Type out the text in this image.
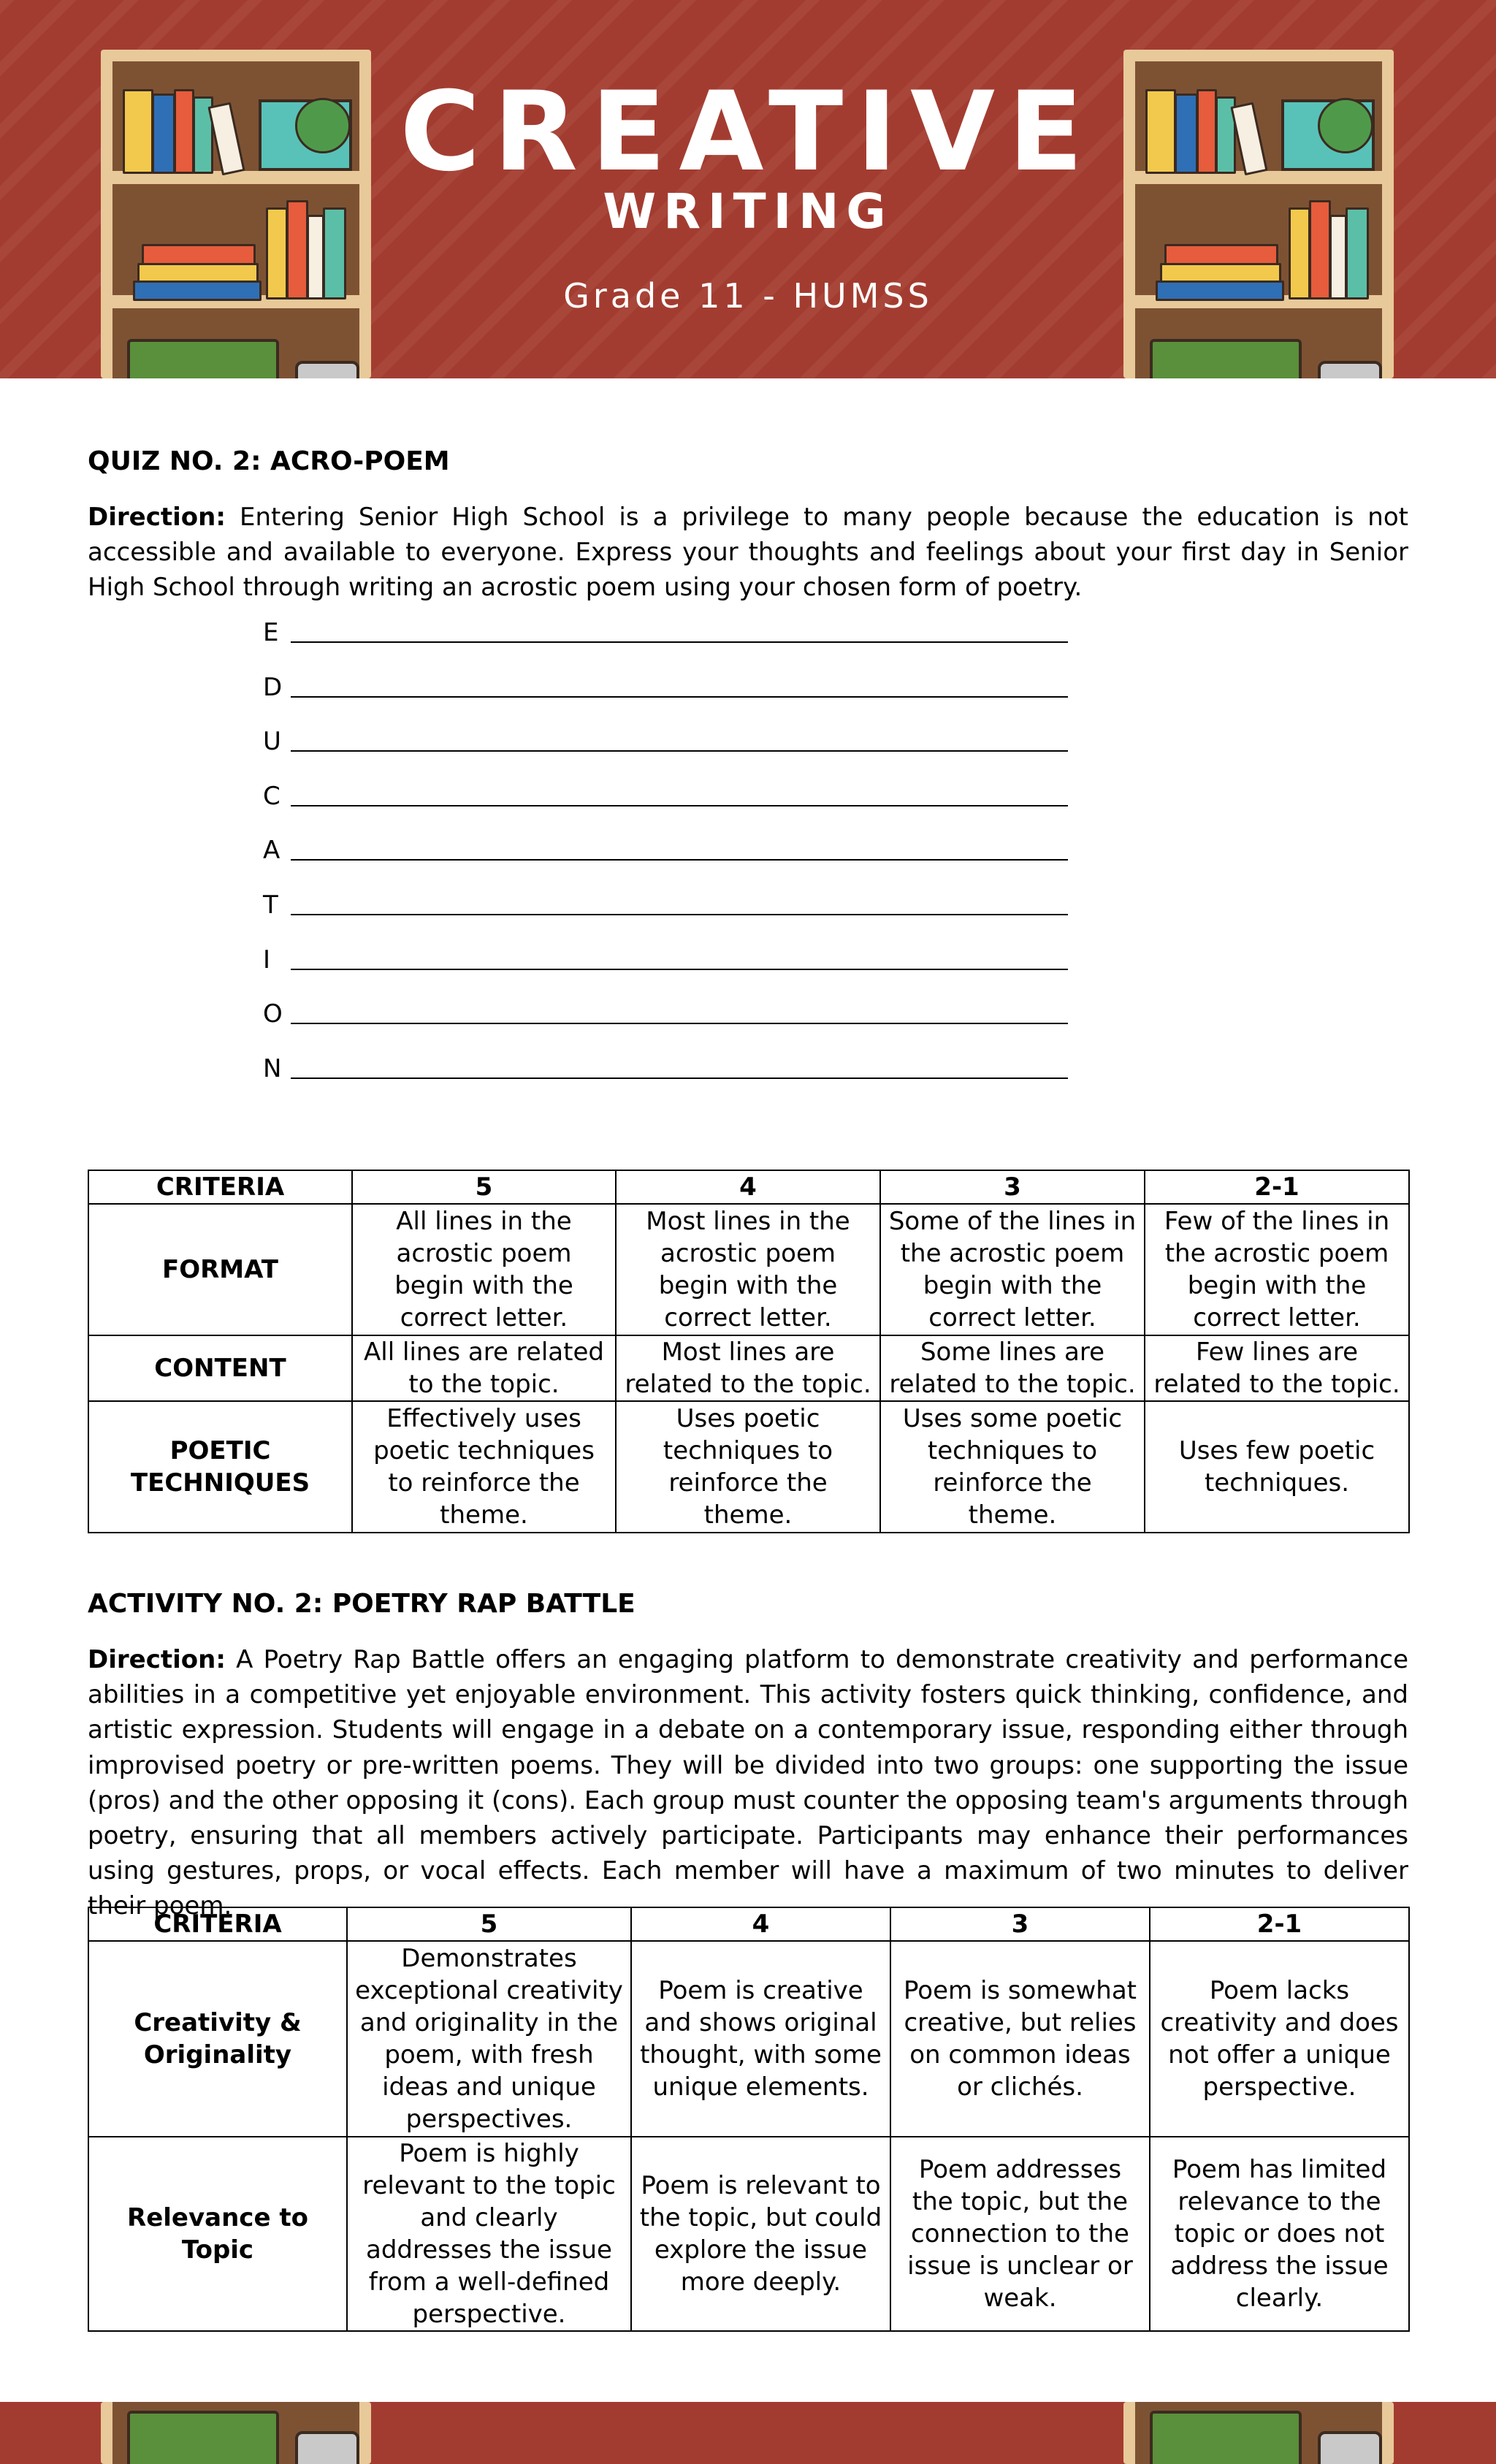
CREATIVE
WRITING
Grade 11 - HUMSS
QUIZ NO. 2: ACRO-POEM

Direction: Entering Senior High School is a privilege to many people because the education is not accessible and available to everyone. Express your thoughts and feelings about your first day in Senior High School through writing an acrostic poem using your chosen form of poetry.

E
D
U
C
A
T
I
O
N
CRITERIA	5	4	3	2-1
FORMAT	All lines in the acrostic poem begin with the correct letter.	Most lines in the acrostic poem begin with the correct letter.	Some of the lines in the acrostic poem begin with the correct letter.	Few of the lines in the acrostic poem begin with the correct letter.
CONTENT	All lines are related to the topic.	Most lines are related to the topic.	Some lines are related to the topic.	Few lines are related to the topic.
POETIC TECHNIQUES	Effectively uses poetic techniques to reinforce the theme.	Uses poetic techniques to reinforce the theme.	Uses some poetic techniques to reinforce the theme.	Uses few poetic techniques.
ACTIVITY NO. 2: POETRY RAP BATTLE

Direction: A Poetry Rap Battle offers an engaging platform to demonstrate creativity and performance abilities in a competitive yet enjoyable environment. This activity fosters quick thinking, confidence, and artistic expression. Students will engage in a debate on a contemporary issue, responding either through improvised poetry or pre-written poems. They will be divided into two groups: one supporting the issue (pros) and the other opposing it (cons). Each group must counter the opposing team's arguments through poetry, ensuring that all members actively participate. Participants may enhance their performances using gestures, props, or vocal effects. Each member will have a maximum of two minutes to deliver their poem.

CRITERIA	5	4	3	2-1
Creativity & Originality	Demonstrates exceptional creativity and originality in the poem, with fresh ideas and unique perspectives.	Poem is creative and shows original thought, with some unique elements.	Poem is somewhat creative, but relies on common ideas or clichés.	Poem lacks creativity and does not offer a unique perspective.
Relevance to Topic	Poem is highly relevant to the topic and clearly addresses the issue from a well-defined perspective.	Poem is relevant to the topic, but could explore the issue more deeply.	Poem addresses the topic, but the connection to the issue is unclear or weak.	Poem has limited relevance to the topic or does not address the issue clearly.
